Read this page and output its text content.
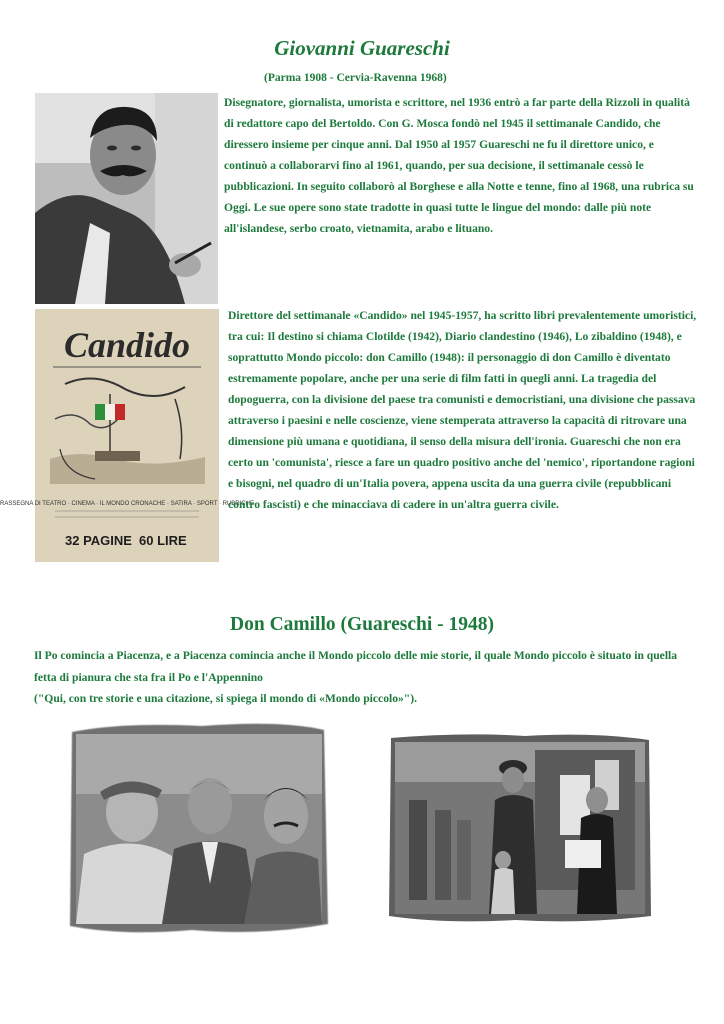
Giovanni Guareschi
(Parma 1908 - Cervia-Ravenna 1968)

Disegnatore, giornalista, umorista e scrittore, nel 1936 entrò a far parte della Rizzoli in qualità di redattore capo del Bertoldo. Con G. Mosca fondò nel 1945 il settimanale Candido, che diressero insieme per cinque anni. Dal 1950 al 1957 Guareschi ne fu il direttore unico, e continuò a collaborarvi fino al 1961, quando, per sua decisione, il settimanale cessò le pubblicazioni. In seguito collaborò al Borghese e alla Notte e tenne, fino al 1968, una rubrica su Oggi. Le sue opere sono state tradotte in quasi tutte le lingue del mondo: dalle più note all'islandese, serbo croato, vietnamita, arabo e lituano.

Candido
RASSEGNA DI TEATRO · CINEMA · IL MONDO CRONACHE · SATIRA · SPORT · RUBRICHE
32 PAGINE 60 LIRE

Direttore del settimanale «Candido» nel 1945-1957, ha scritto libri prevalentemente umoristici, tra cui: Il destino si chiama Clotilde (1942), Diario clandestino (1946), Lo zibaldino (1948), e soprattutto Mondo piccolo: don Camillo (1948): il personaggio di don Camillo è diventato estremamente popolare, anche per una serie di film fatti in quegli anni. La tragedia del dopoguerra, con la divisione del paese tra comunisti e democristiani, una divisione che passava attraverso i paesini e nelle coscienze, viene stemperata attraverso la capacità di ritrovare una dimensione più umana e quotidiana, il senso della misura dell'ironia. Guareschi che non era certo un 'comunista', riesce a fare un quadro positivo anche del 'nemico', riportandone ragioni e bisogni, nel quadro di un'Italia povera, appena uscita da una guerra civile (repubblicani contro fascisti) e che minacciava di cadere in un'altra guerra civile.

Don Camillo (Guareschi - 1948)

Il Po comincia a Piacenza, e a Piacenza comincia anche il Mondo piccolo delle mie storie, il quale Mondo piccolo è situato in quella fetta di pianura che sta fra il Po e l'Appennino
("Qui, con tre storie e una citazione, si spiega il mondo di «Mondo piccolo»").
